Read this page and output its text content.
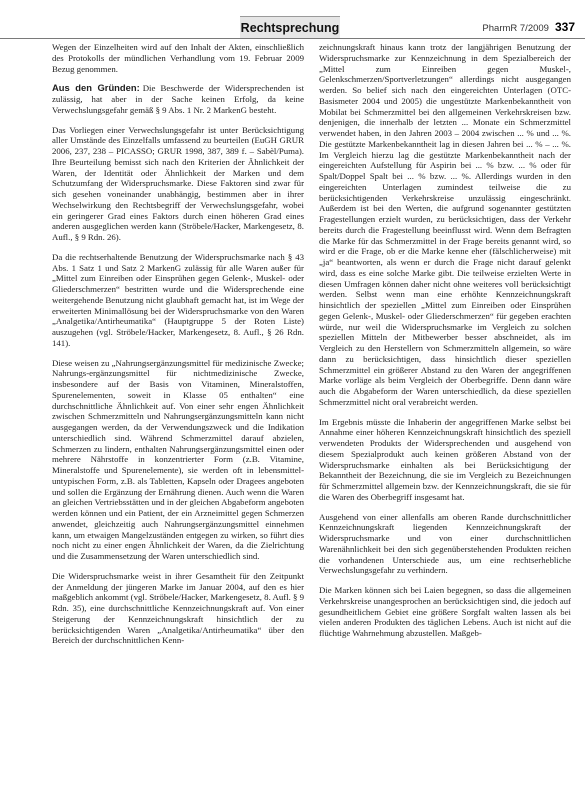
Rechtsprechung	PharmR 7/2009 337

Wegen der Einzelheiten wird auf den Inhalt der Akten, einschließlich des Protokolls der mündlichen Verhandlung vom 19. Februar 2009 Bezug genommen.

Aus den Gründen: Die Beschwerde der Widersprechenden ist zulässig, hat aber in der Sache keinen Erfolg, da keine Verwechslungsgefahr gemäß § 9 Abs. 1 Nr. 2 MarkenG besteht.

Das Vorliegen einer Verwechslungsgefahr ist unter Berücksichtigung aller Umstände des Einzelfalls umfassend zu beurteilen (EuGH GRUR 2006, 237, 238 – PICASSO; GRUR 1998, 387, 389 f. – Sabèl/Puma). Ihre Beurteilung bemisst sich nach den Kriterien der Ähnlichkeit der Waren, der Identität oder Ähnlichkeit der Marken und dem Schutzumfang der Widerspruchsmarke. Diese Faktoren sind zwar für sich gesehen voneinander unabhängig, bestimmen aber in ihrer Wechselwirkung den Rechtsbegriff der Verwechslungsgefahr, wobei ein geringerer Grad eines Faktors durch einen höheren Grad eines anderen ausgeglichen werden kann (Ströbele/Hacker, Markengesetz, 8. Aufl., § 9 Rdn. 26).

Da die rechtserhaltende Benutzung der Widerspruchsmarke nach § 43 Abs. 1 Satz 1 und Satz 2 MarkenG zulässig für alle Waren außer für „Mittel zum Einreiben oder Einsprühen gegen Gelenk-, Muskel- oder Gliederschmerzen“ bestritten wurde und die Widersprechende eine weitergehende Benutzung nicht glaubhaft gemacht hat, ist im Wege der erweiterten Minimallösung bei der Widerspruchsmarke von den Waren „Analgetika/Antirheumatika“ (Hauptgruppe 5 der Roten Liste) auszugehen (vgl. Ströbele/Hacker, Markengesetz, 8. Aufl., § 26 Rdn. 141).

Diese weisen zu „Nahrungsergänzungsmittel für medizinische Zwecke; Nahrungs-ergänzungsmittel für nichtmedizinische Zwecke, insbesondere auf der Basis von Vitaminen, Mineralstoffen, Spurenelementen, soweit in Klasse 05 enthalten“ eine durchschnittliche Ähnlichkeit auf. Von einer sehr engen Ähnlichkeit zwischen Schmerzmitteln und Nahrungsergänzungsmitteln kann nicht ausgegangen werden, da der Verwendungszweck und die Indikation unterschiedlich sind. Während Schmerzmittel darauf abzielen, Schmerzen zu lindern, enthalten Nahrungsergänzungsmittel einen oder mehrere Nährstoffe in konzentrierter Form (z.B. Vitamine, Mineralstoffe und Spurenelemente), sie werden oft in lebensmittel-untypischen Form, z.B. als Tabletten, Kapseln oder Dragees angeboten und sollen die Ergänzung der Ernährung dienen. Auch wenn die Waren an gleichen Vertriebsstätten und in der gleichen Abgabeform angeboten werden können und ein Patient, der ein Arzneimittel gegen Schmerzen anwendet, gleichzeitig auch Nahrungsergänzungsmittel einnehmen kann, um etwaigen Mangelzuständen entgegen zu wirken, so führt dies noch nicht zu einer engen Ähnlichkeit der Waren, da die Zielrichtung und die Zusammensetzung der Waren unterschiedlich sind.

Die Widerspruchsmarke weist in ihrer Gesamtheit für den Zeitpunkt der Anmeldung der jüngeren Marke im Januar 2004, auf den es hier maßgeblich ankommt (vgl. Ströbele/Hacker, Markengesetz, 8. Aufl. § 9 Rdn. 35), eine durchschnittliche Kennzeichnungskraft auf. Von einer Steigerung der Kennzeichnungskraft hinsichtlich der zu berücksichtigenden Waren „Analgetika/Antirheumatika“ über den Bereich der durchschnittlichen Kenn-

zeichnungskraft hinaus kann trotz der langjährigen Benutzung der Widerspruchsmarke zur Kennzeichnung in dem Spezialbereich der „Mittel zum Einreiben gegen Muskel-, Gelenkschmerzen/Sportverletzungen“ allerdings nicht ausgegangen werden. So belief sich nach den eingereichten Unterlagen (OTC-Basismeter 2004 und 2005) die ungestützte Markenbekanntheit von Mobilat bei Schmerzmittel bei den allgemeinen Verkehrskreisen bzw. denjenigen, die innerhalb der letzten ... Monate ein Schmerzmittel verwendet haben, in den Jahren 2003 – 2004 zwischen ... % und ... %. Die gestützte Markenbekanntheit lag in diesen Jahren bei ... % – ... %. Im Vergleich hierzu lag die gestützte Markenbekanntheit nach der eingereichten Aufstellung für Aspirin bei ... % bzw. ... % oder für Spalt/Doppel Spalt bei ... % bzw. ... %. Allerdings wurden in den eingereichten Unterlagen zumindest teilweise die zu berücksichtigenden Verkehrskreise unzulässig eingeschränkt. Außerdem ist bei den Werten, die aufgrund sogenannter gestützten Fragestellungen erzielt wurden, zu berücksichtigen, dass der Verkehr bereits durch die Fragestellung beeinflusst wird. Wenn dem Befragten die Marke für das Schmerzmittel in der Frage bereits genannt wird, so wird er die Frage, ob er die Marke kenne eher (fälschlicherweise) mit „ja“ beantworten, als wenn er durch die Frage nicht darauf gelenkt wird, dass es eine solche Marke gibt. Die teilweise erzielten Werte in diesen Umfragen können daher nicht ohne weiteres voll berücksichtigt werden. Selbst wenn man eine erhöhte Kennzeichnungskraft hinsichtlich der speziellen „Mittel zum Einreiben oder Einsprühen gegen Gelenk-, Muskel- oder Gliederschmerzen“ für gegeben erachten würde, nur weil die Widerspruchsmarke im Vergleich zu solchen speziellen Mitteln der Mitbewerber besser abschneidet, als im Vergleich zu den Herstellern von Schmerzmitteln allgemein, so wäre dann zu berücksichtigen, dass hinsichtlich dieser speziellen Schmerzmittel ein größerer Abstand zu den Waren der angegriffenen Marke vorläge als beim Vergleich der Oberbegriffe. Denn dann wäre auch die Abgabeform der Waren unterschiedlich, da diese speziellen Schmerzmittel nicht oral verabreicht werden.

Im Ergebnis müsste die Inhaberin der angegriffenen Marke selbst bei Annahme einer höheren Kennzeichnungskraft hinsichtlich des speziell verwendeten Produkts der Widersprechenden und ausgehend von diesem Spezialprodukt auch keinen größeren Abstand von der Widerspruchsmarke einhalten als bei Berücksichtigung der Bekanntheit der Bezeichnung, die sie im Vergleich zu Bezeichnungen für Schmerzmittel allgemein bzw. der Kennzeichnungskraft, die sie für die Waren des Oberbegriff insgesamt hat.

Ausgehend von einer allenfalls am oberen Rande durchschnittlicher Kennzeichnungskraft liegenden Kennzeichnungskraft der Widerspruchsmarke und von einer durchschnittlichen Warenähnlichkeit bei den sich gegenüberstehenden Produkten reichen die vorhandenen Unterschiede aus, um eine rechtserhebliche Verwechslungsgefahr zu verhindern.

Die Marken können sich bei Laien begegnen, so dass die allgemeinen Verkehrskreise unangesprochen an berücksichtigen sind, die jedoch auf gesundheitlichem Gebiet eine größere Sorgfalt walten lassen als bei vielen anderen Produkten des täglichen Lebens. Auch ist nicht auf die flüchtige Wahrnehmung abzustellen. Maßgeb-
